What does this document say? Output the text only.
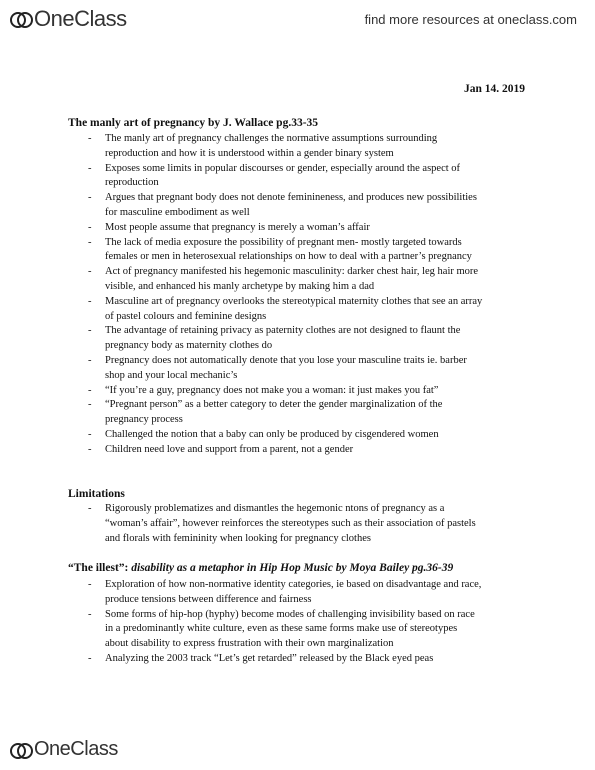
OneClass	find more resources at oneclass.com
Jan 14. 2019
The manly art of pregnancy by J. Wallace pg.33-35
- The manly art of pregnancy challenges the normative assumptions surrounding
reproduction and how it is understood within a gender binary system
- Exposes some limits in popular discourses or gender, especially around the aspect of
reproduction
- Argues that pregnant body does not denote feminineness, and produces new possibilities
for masculine embodiment as well
- Most people assume that pregnancy is merely a woman’s affair
- The lack of media exposure the possibility of pregnant men- mostly targeted towards
females or men in heterosexual relationships on how to deal with a partner’s pregnancy
- Act of pregnancy manifested his hegemonic masculinity: darker chest hair, leg hair more
visible, and enhanced his manly archetype by making him a dad
- Masculine art of pregnancy overlooks the stereotypical maternity clothes that see an array
of pastel colours and feminine designs
- The advantage of retaining privacy as paternity clothes are not designed to flaunt the
pregnancy body as maternity clothes do
- Pregnancy does not automatically denote that you lose your masculine traits ie. barber
shop and your local mechanic’s
- “If you’re a guy, pregnancy does not make you a woman: it just makes you fat”
- “Pregnant person” as a better category to deter the gender marginalization of the
pregnancy process
- Challenged the notion that a baby can only be produced by cisgendered women
- Children need love and support from a parent, not a gender
Limitations
- Rigorously problematizes and dismantles the hegemonic ntons of pregnancy as a
“woman’s affair”, however reinforces the stereotypes such as their association of pastels
and florals with femininity when looking for pregnancy clothes
“The illest”: disability as a metaphor in Hip Hop Music by Moya Bailey pg.36-39
- Exploration of how non-normative identity categories, ie based on disadvantage and race,
produce tensions between difference and fairness
- Some forms of hip-hop (hyphy) become modes of challenging invisibility based on race
in a predominantly white culture, even as these same forms make use of stereotypes
about disability to express frustration with their own marginalization
- Analyzing the 2003 track “Let’s get retarded” released by the Black eyed peas
OneClass
